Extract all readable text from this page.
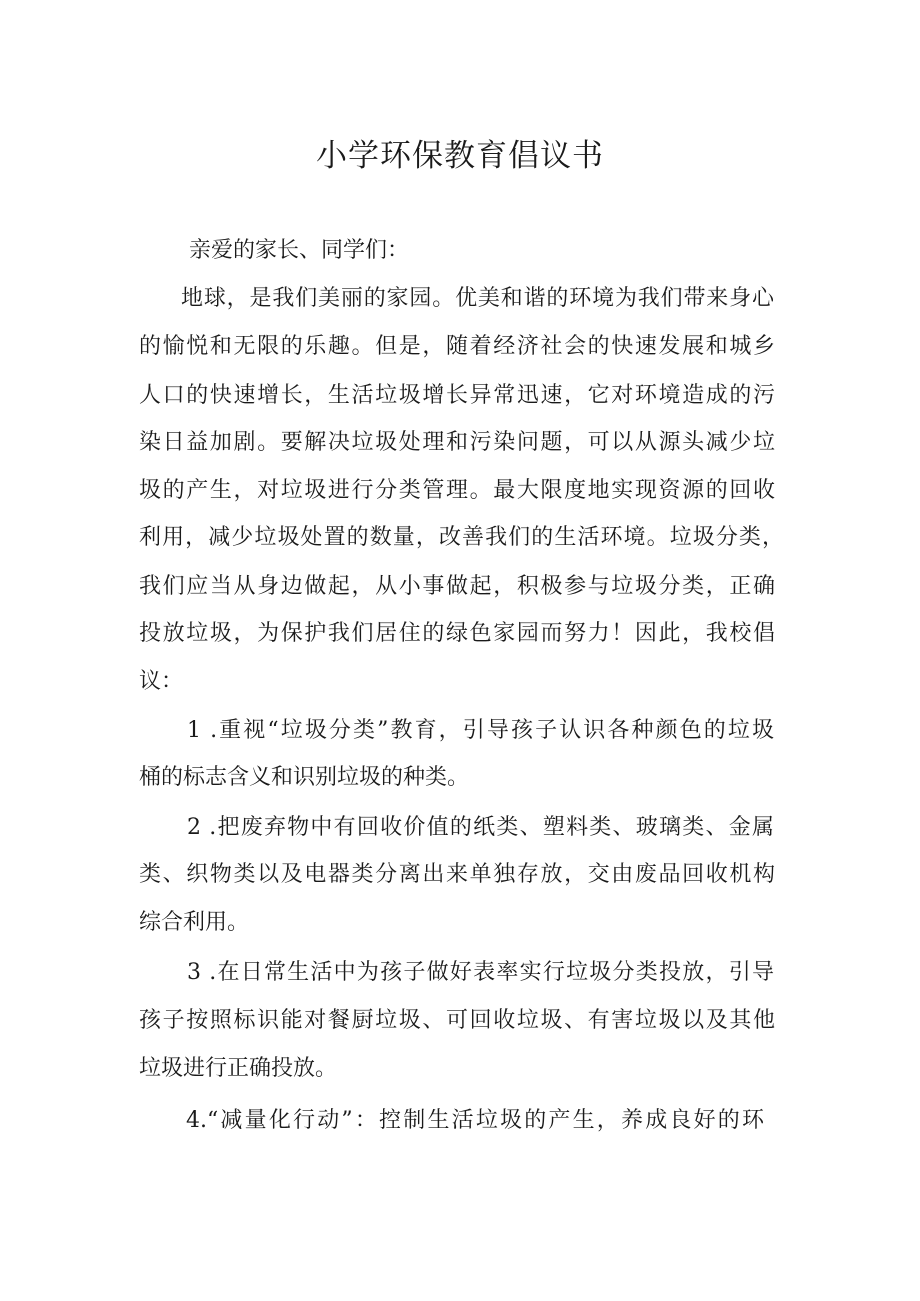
小学环保教育倡议书
亲爱的家长、同学们：
地球，是我们美丽的家园。优美和谐的环境为我们带来身心
的愉悦和无限的乐趣。但是，随着经济社会的快速发展和城乡
人口的快速增长，生活垃圾增长异常迅速，它对环境造成的污
染日益加剧。要解决垃圾处理和污染问题，可以从源头减少垃
圾的产生，对垃圾进行分类管理。最大限度地实现资源的回收
利用，减少垃圾处置的数量，改善我们的生活环境。垃圾分类，
我们应当从身边做起，从小事做起，积极参与垃圾分类，正确
投放垃圾，为保护我们居住的绿色家园而努力！因此，我校倡
议：
1 .重视“垃圾分类”教育，引导孩子认识各种颜色的垃圾
桶的标志含义和识别垃圾的种类。
2 .把废弃物中有回收价值的纸类、塑料类、玻璃类、金属
类、织物类以及电器类分离出来单独存放，交由废品回收机构
综合利用。
3 .在日常生活中为孩子做好表率实行垃圾分类投放，引导
孩子按照标识能对餐厨垃圾、可回收垃圾、有害垃圾以及其他
垃圾进行正确投放。
4.“减量化行动”：控制生活垃圾的产生，养成良好的环
